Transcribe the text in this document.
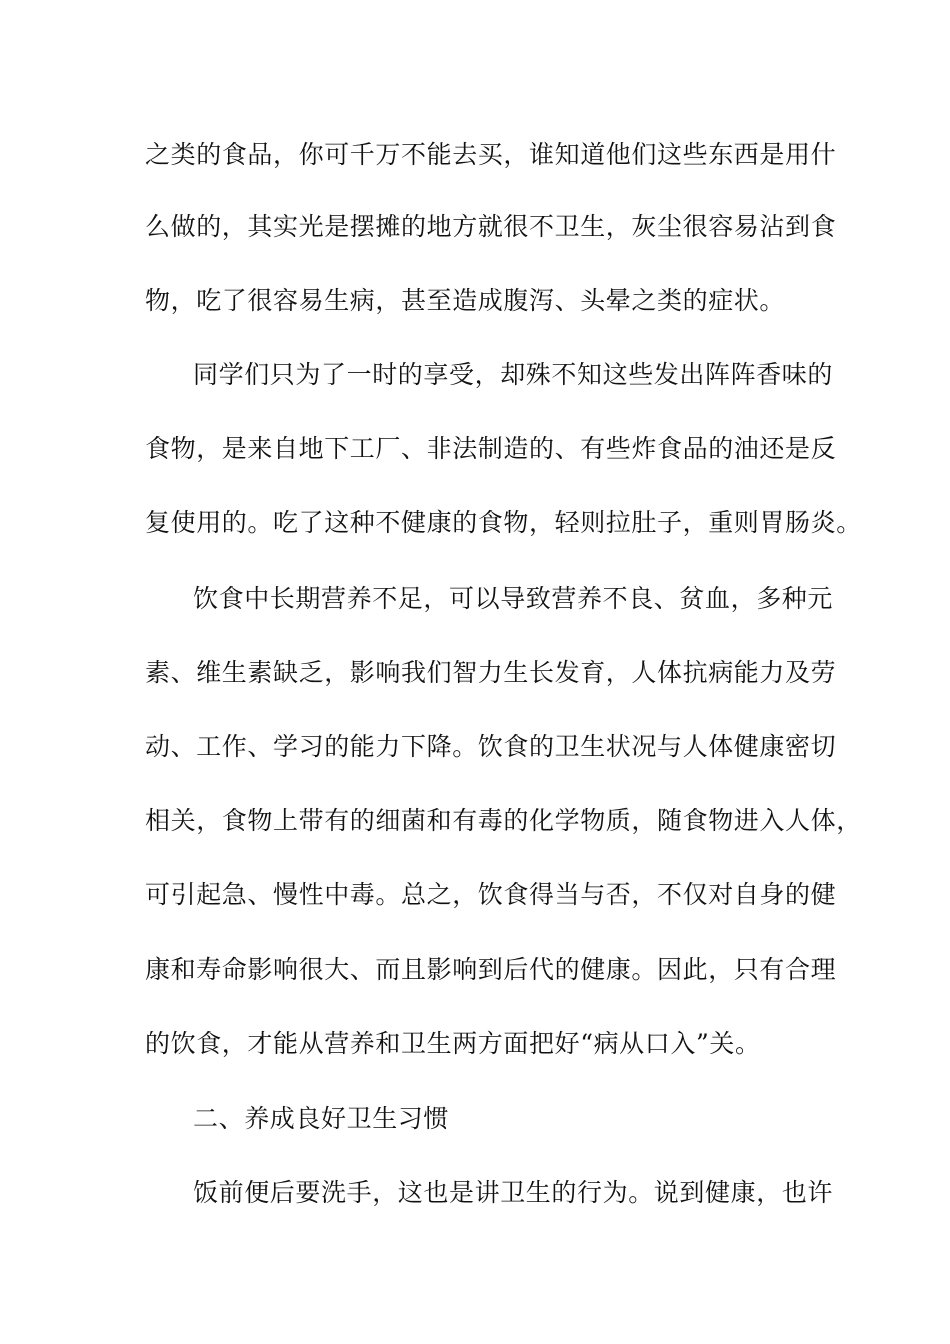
之类的食品，你可千万不能去买，谁知道他们这些东西是用什
么做的，其实光是摆摊的地方就很不卫生，灰尘很容易沾到食
物，吃了很容易生病，甚至造成腹泻、头晕之类的症状。
同学们只为了一时的享受，却殊不知这些发出阵阵香味的
食物，是来自地下工厂、非法制造的、有些炸食品的油还是反
复使用的。吃了这种不健康的食物，轻则拉肚子，重则胃肠炎。
饮食中长期营养不足，可以导致营养不良、贫血，多种元
素、维生素缺乏，影响我们智力生长发育，人体抗病能力及劳
动、工作、学习的能力下降。饮食的卫生状况与人体健康密切
相关，食物上带有的细菌和有毒的化学物质，随食物进入人体，
可引起急、慢性中毒。总之，饮食得当与否，不仅对自身的健
康和寿命影响很大、而且影响到后代的健康。因此，只有合理
的饮食，才能从营养和卫生两方面把好“病从口入”关。
二、养成良好卫生习惯
饭前便后要洗手，这也是讲卫生的行为。说到健康，也许
